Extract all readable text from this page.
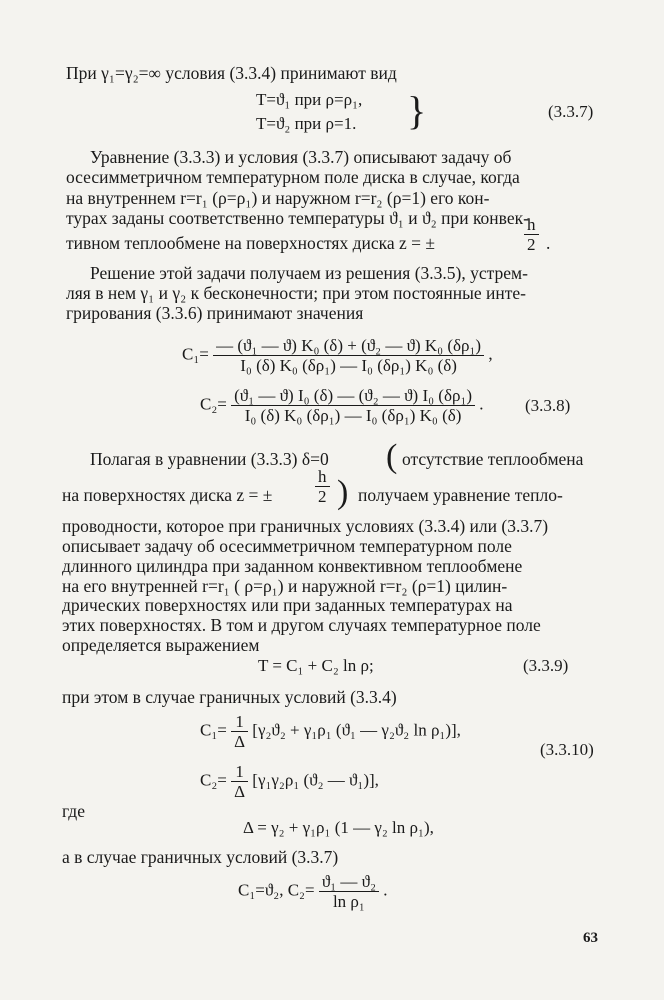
При γ₁=γ₂=∞ условия (3.3.4) принимают вид
T=ϑ₁ при ρ=ρ₁,
T=ϑ₂ при ρ=1. }	(3.3.7)
Уравнение (3.3.3) и условия (3.3.7) описывают задачу об
осесимметричном температурном поле диска в случае, когда
на внутреннем r=r₁ (ρ=ρ₁) и наружном r=r₂ (ρ=1) его кон-
турах заданы соответственно температуры ϑ₁ и ϑ₂ при конвек-
тивном теплообмене на поверхностях диска z = ±	$\frac{h}{2}$ .
Решение этой задачи получаем из решения (3.3.5), устрем-
ляя в нем γ₁ и γ₂ к бесконечности; при этом постоянные инте-
грирования (3.3.6) принимают значения
$C_1= \frac{\text{— (ϑ₁ — ϑ) K₀ (δ) + (ϑ₂ — ϑ) K₀ (δρ₁)}}{\text{I₀ (δ) K₀ (δρ₁) — I₀ (δρ₁) K₀ (δ)}}$ ,
$C_2= \frac{\text{(ϑ₁ — ϑ) I₀ (δ) — (ϑ₂ — ϑ) I₀ (δρ₁)}}{\text{I₀ (δ) K₀ (δρ₁) — I₀ (δρ₁) K₀ (δ)}}$ . (3.3.8)
Полагая в уравнении (3.3.3) δ=0 ( отсутствие теплообмена
на поверхностях диска z = ±	$\frac{h}{2}$ ) получаем уравнение тепло-
проводности, которое при граничных условиях (3.3.4) или (3.3.7)
описывает задачу об осесимметричном температурном поле
длинного цилиндра при заданном конвективном теплообмене
на его внутренней r=r₁ ( ρ=ρ₁) и наружной r=r₂ (ρ=1) цилин-
дрических поверхностях или при заданных температурах на
этих поверхностях. В том и другом случаях температурное поле
определяется выражением
T = C₁ + C₂ ln ρ;	(3.3.9)
при этом в случае граничных условий (3.3.4)
$C_1= \frac{1}{\Delta} [\gamma_2ϑ_2 + \gamma_1\rho_1$ (ϑ₁ — γ₂ϑ₂ ln ρ₁)],
(3.3.10)
$C_2= \frac{1}{\Delta} [\gamma_1\gamma_2\rho_1$ (ϑ₂ — ϑ₁)],
где
Δ = γ₂ + γ₁ρ₁ (1 — γ₂ ln ρ₁),
а в случае граничных условий (3.3.7)
C₁=ϑ₂, $C_2= \frac{\text{ϑ₁ — ϑ₂}}{\text{ln ρ₁}}$ .
63
